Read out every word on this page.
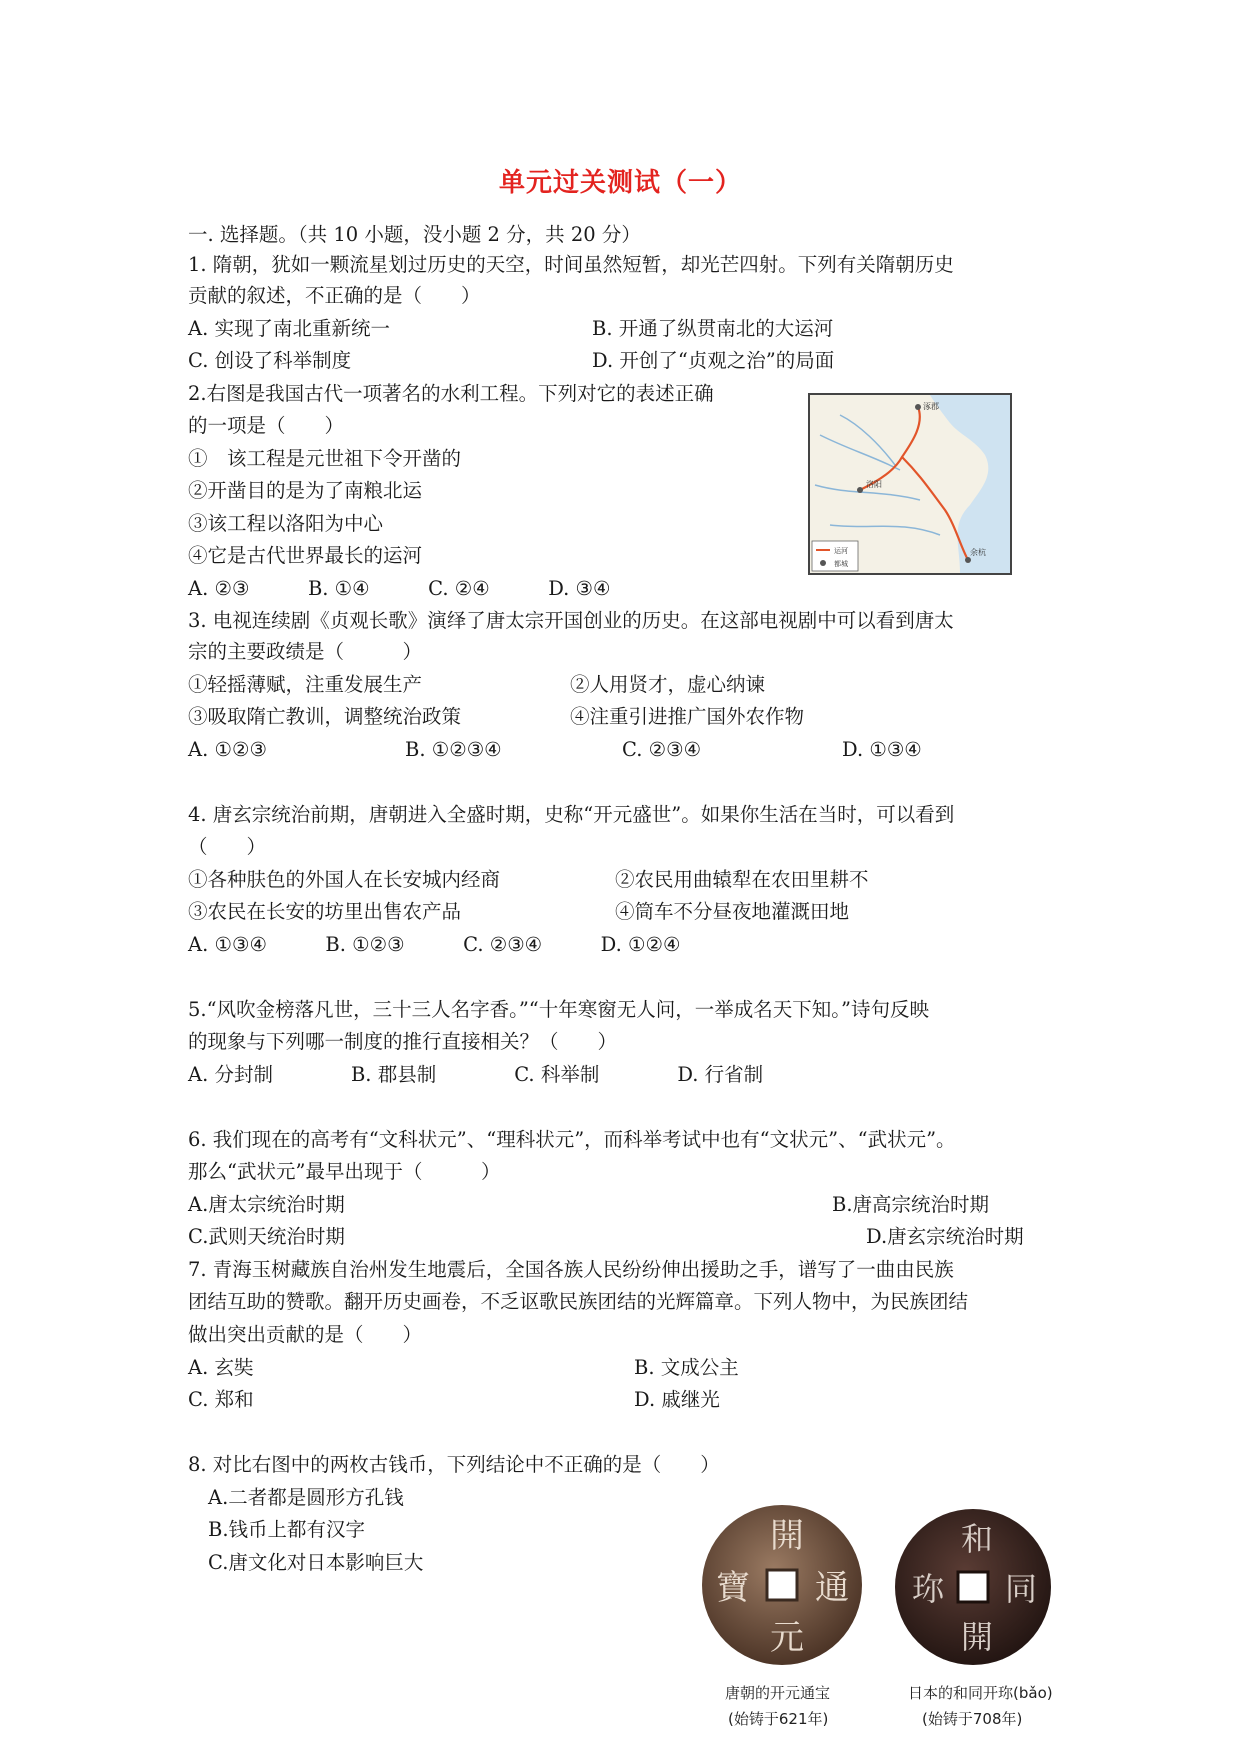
单元过关测试（一）
一. 选择题。（共 10 小题，没小题 2 分，共 20 分）
1. 隋朝，犹如一颗流星划过历史的天空，时间虽然短暂，却光芒四射。下列有关隋朝历史
贡献的叙述，不正确的是（　　）
A. 实现了南北重新统一	B. 开通了纵贯南北的大运河
C. 创设了科举制度	D. 开创了“贞观之治”的局面
2.右图是我国古代一项著名的水利工程。下列对它的表述正确
的一项是（　　）
①　该工程是元世祖下令开凿的
②开凿目的是为了南粮北运
③该工程以洛阳为中心
④它是古代世界最长的运河
A. ②③　　　B. ①④　　　C. ②④　　　D. ③④
涿郡
洛阳
余杭
运河
都城
3. 电视连续剧《贞观长歌》演绎了唐太宗开国创业的历史。在这部电视剧中可以看到唐太
宗的主要政绩是（　　　）
①轻摇薄赋，注重发展生产	②人用贤才，虚心纳谏
③吸取隋亡教训，调整统治政策	④注重引进推广国外农作物
A. ①②③	B. ①②③④	C. ②③④	D. ①③④
4. 唐玄宗统治前期，唐朝进入全盛时期，史称“开元盛世”。如果你生活在当时，可以看到
（　　）
①各种肤色的外国人在长安城内经商	②农民用曲辕犁在农田里耕不
③农民在长安的坊里出售农产品	④筒车不分昼夜地灌溉田地
A. ①③④　　　B. ①②③　　　C. ②③④　　　D. ①②④
5.“风吹金榜落凡世，三十三人名字香。”“十年寒窗无人问，一举成名天下知。”诗句反映
的现象与下列哪一制度的推行直接相关？（　　）
A. 分封制　　　　B. 郡县制　　　　C. 科举制　　　　D. 行省制
6. 我们现在的高考有“文科状元”、“理科状元”，而科举考试中也有“文状元”、“武状元”。
那么“武状元”最早出现于（　　　）
A.唐太宗统治时期	B.唐高宗统治时期
C.武则天统治时期	D.唐玄宗统治时期
7. 青海玉树藏族自治州发生地震后，全国各族人民纷纷伸出援助之手，谱写了一曲由民族
团结互助的赞歌。翻开历史画卷，不乏讴歌民族团结的光辉篇章。下列人物中，为民族团结
做出突出贡献的是（　　）
A. 玄奘	B. 文成公主
C. 郑和	D. 戚继光
8. 对比右图中的两枚古钱币，下列结论中不正确的是（　　）
A.二者都是圆形方孔钱
B.钱币上都有汉字
C.唐文化对日本影响巨大
開
元
通
寶
和
同
開
珎
唐朝的开元通宝
(始铸于621年)
日本的和同开珎(bǎo)
(始铸于708年)
